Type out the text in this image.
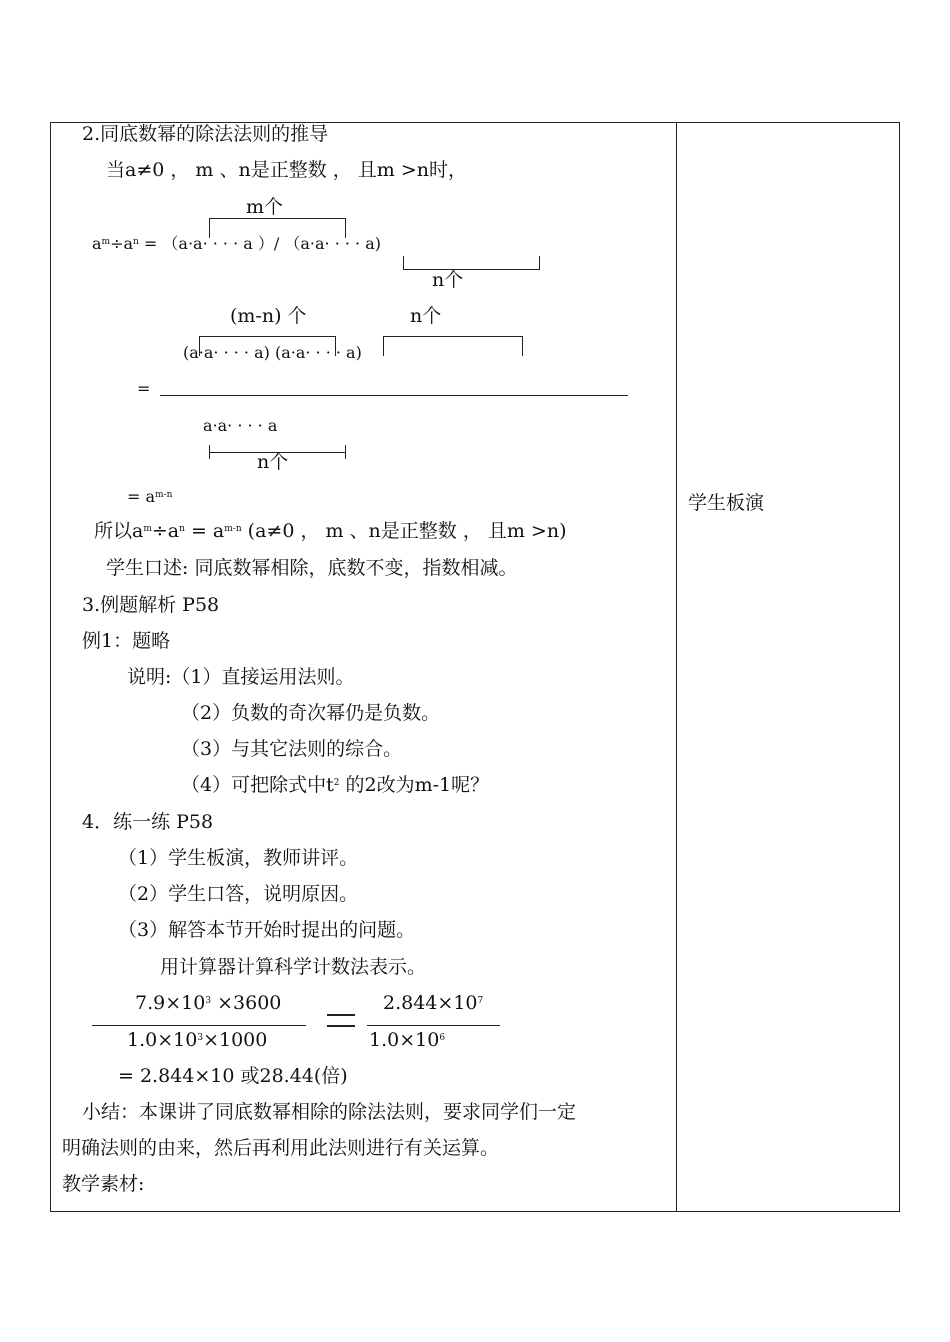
2.同底数幂的除法法则的推导
当a≠0 ， m 、n是正整数 ， 且m >n时，
m个
$a^m\div a^n = (a\cdot a\cdot$ · · · a ）/ （a·a· · · · a)
n个
(m-n) 个	n个
(a·a· · · · a) (a·a· · · · a)
=
a·a· · · · a
n个
= $a^{m-n}$
所以$a^m\div a^n = a^{m-n}$ (a≠0 ， m 、n是正整数 ， 且m >n)
学生口述: 同底数幂相除，底数不变，指数相减。
3.例题解析 P58
例1：题略
说明:（1）直接运用法则。
（2）负数的奇次幂仍是负数。
（3）与其它法则的综合。
（4）可把除式中$t^2$ 的2改为m-1呢？
4．练一练 P58
（1）学生板演，教师讲评。
（2）学生口答，说明原因。
（3）解答本节开始时提出的问题。
用计算器计算科学计数法表示。
$7.9\times 10^3 \times 3600$
$1.0\times 10^3\times 1000$
$2.844\times 10^7$
$1.0\times 10^6$
= 2.844×10 或28.44(倍)
小结：本课讲了同底数幂相除的除法法则，要求同学们一定
明确法则的由来，然后再利用此法则进行有关运算。
教学素材:
学生板演
